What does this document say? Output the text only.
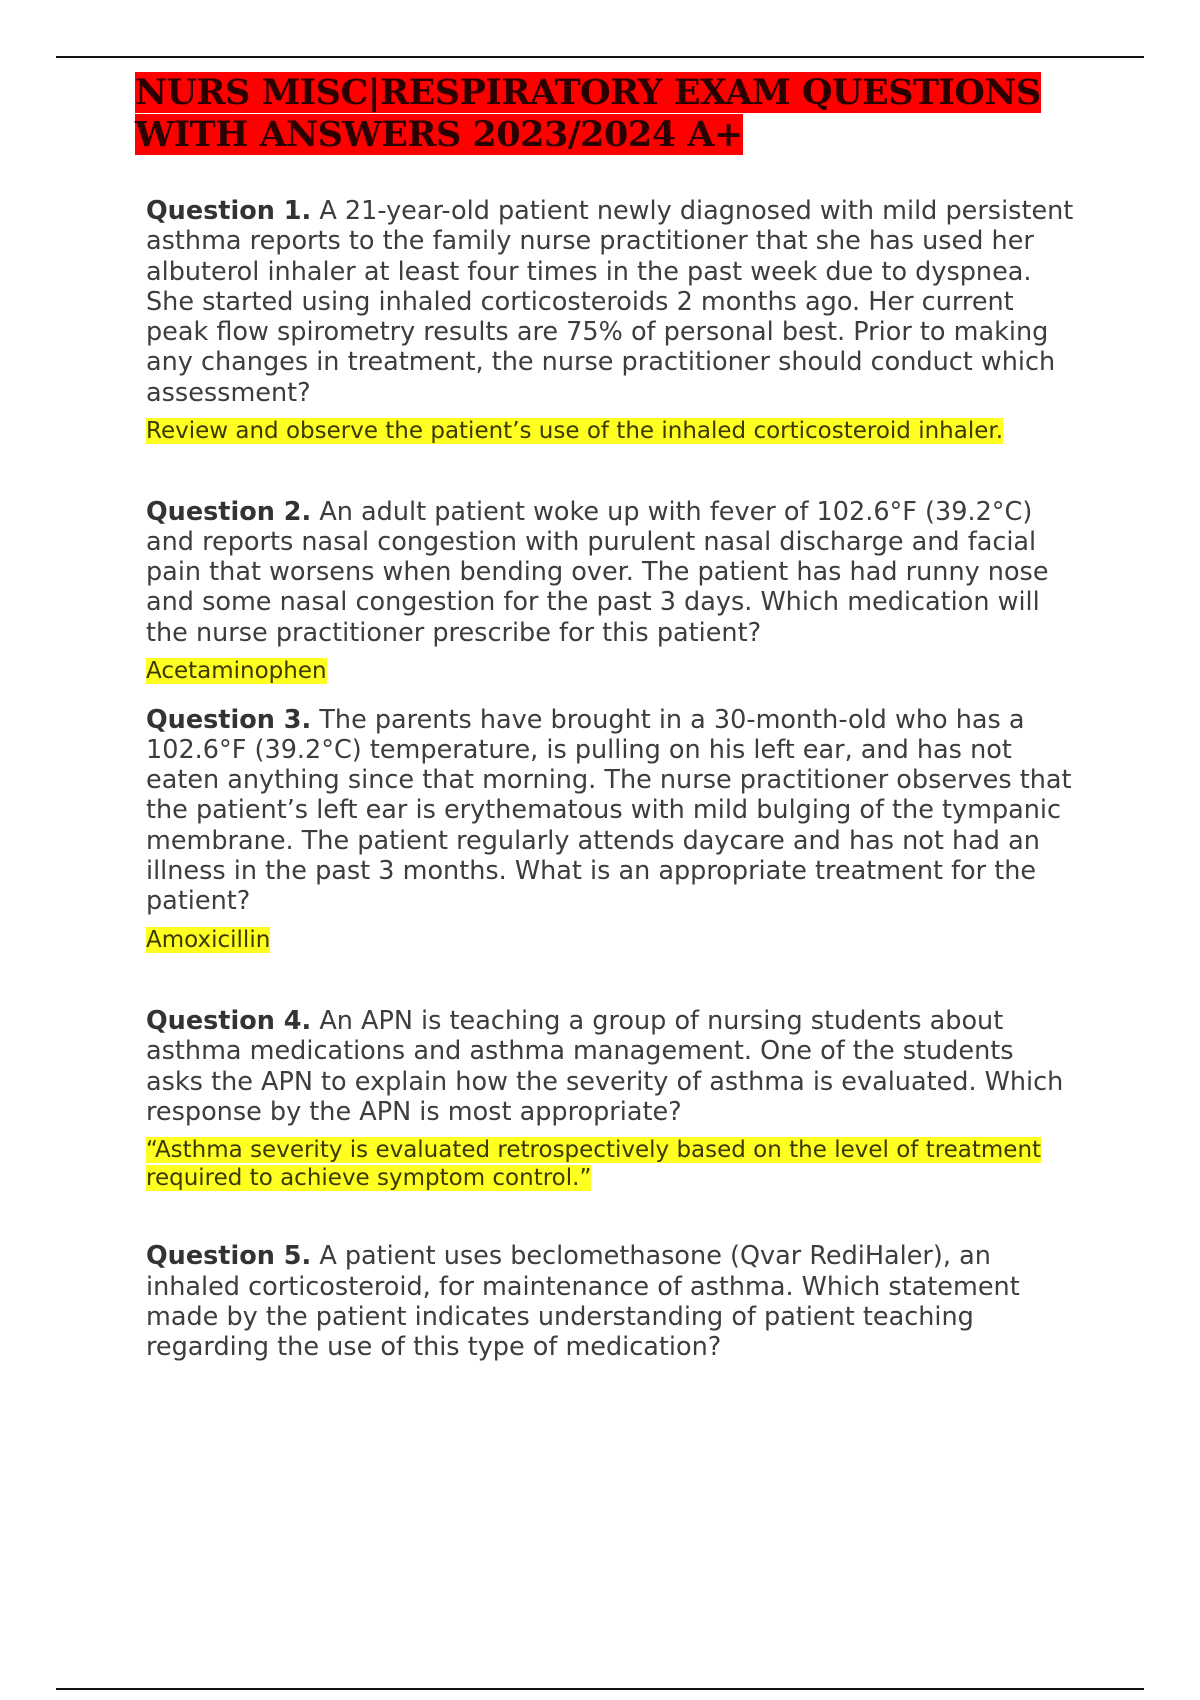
NURS MISC|RESPIRATORY EXAM QUESTIONS WITH ANSWERS 2023/2024 A+

Question 1. A 21-year-old patient newly diagnosed with mild persistent asthma reports to the family nurse practitioner that she has used her albuterol inhaler at least four times in the past week due to dyspnea. She started using inhaled corticosteroids 2 months ago. Her current peak flow spirometry results are 75% of personal best. Prior to making any changes in treatment, the nurse practitioner should conduct which assessment?

Review and observe the patient’s use of the inhaled corticosteroid inhaler.

Question 2. An adult patient woke up with fever of 102.6°F (39.2°C) and reports nasal congestion with purulent nasal discharge and facial pain that worsens when bending over. The patient has had runny nose and some nasal congestion for the past 3 days. Which medication will the nurse practitioner prescribe for this patient?

Acetaminophen

Question 3. The parents have brought in a 30-month-old who has a 102.6°F (39.2°C) temperature, is pulling on his left ear, and has not eaten anything since that morning. The nurse practitioner observes that the patient’s left ear is erythematous with mild bulging of the tympanic membrane. The patient regularly attends daycare and has not had an illness in the past 3 months. What is an appropriate treatment for the patient?

Amoxicillin

Question 4. An APN is teaching a group of nursing students about asthma medications and asthma management. One of the students asks the APN to explain how the severity of asthma is evaluated. Which response by the APN is most appropriate?

“Asthma severity is evaluated retrospectively based on the level of treatment required to achieve symptom control.”

Question 5. A patient uses beclomethasone (Qvar RediHaler), an inhaled corticosteroid, for maintenance of asthma. Which statement made by the patient indicates understanding of patient teaching regarding the use of this type of medication?
